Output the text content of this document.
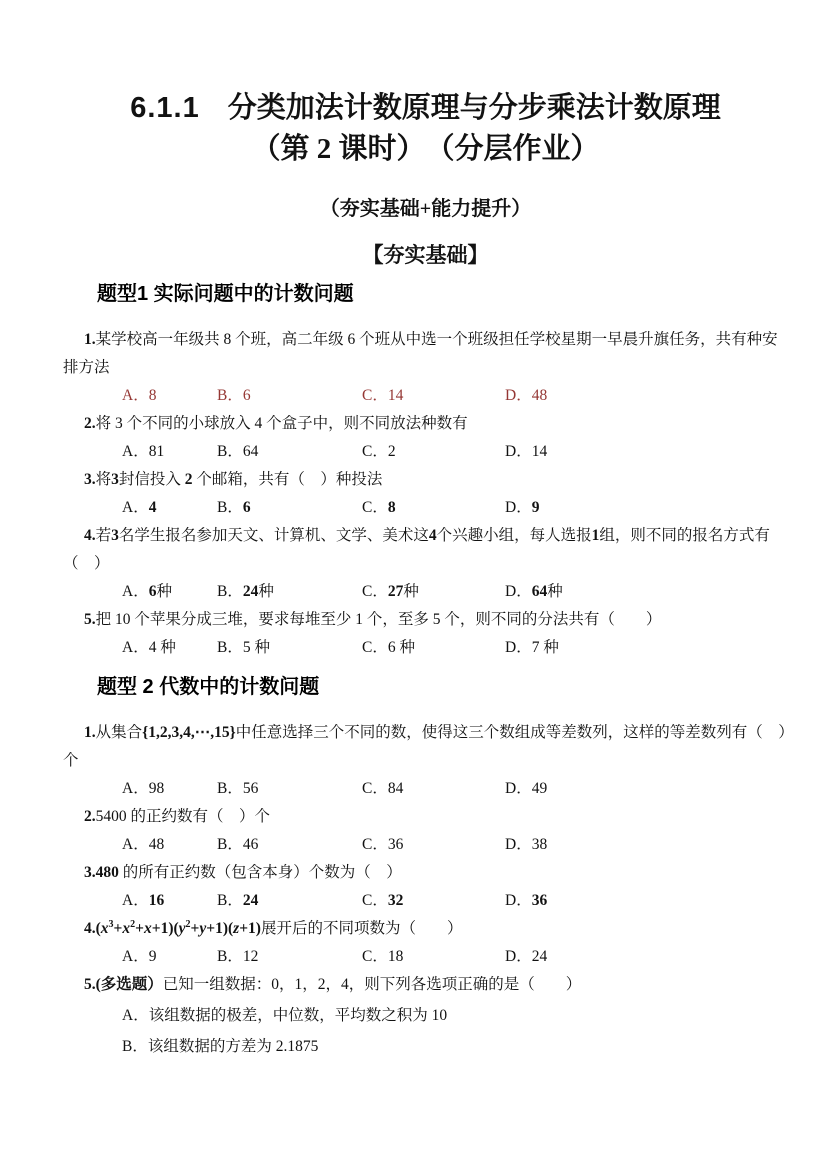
6.1.1 分类加法计数原理与分步乘法计数原理
（第 2 课时）　（分层作业）
（夯实基础+能力提升）
【夯实基础】
题型1 实际问题中的计数问题

1.某学校高一年级共 8 个班，高二年级 6 个班从中选一个班级担任学校星期一早晨升旗任务，共有种安排方法

A．8	B．6	C．14	D．48

2.将 3 个不同的小球放入 4 个盒子中，则不同放法种数有

A．81	B．64	C．2	D．14

3.将3封信投入 2 个邮箱，共有（　）种投法

A．4	B．6	C．8	D．9

4.若3名学生报名参加天文、计算机、文学、美术这4个兴趣小组，每人选报1组，则不同的报名方式有（　）

A．6种	B．24种	C．27种	D．64种

5.把 10 个苹果分成三堆，要求每堆至少 1 个，至多 5 个，则不同的分法共有（　　）

A．4 种	B．5 种	C．6 种	D．7 种
题型 2 代数中的计数问题

1.从集合{1,2,3,4,⋯,15}中任意选择三个不同的数，使得这三个数组成等差数列，这样的等差数列有（　）个

A．98	B．56	C．84	D．49

2.5400 的正约数有（　）个

A．48	B．46	C．36	D．38

3.480 的所有正约数（包含本身）个数为（　）

A．16	B．24	C．32	D．36

$4.(x^3+x^2+x+1)(y^2+y+1)(z+1)$展开后的不同项数为（　　）

A．9	B．12	C．18	D．24

5.(多选题）已知一组数据：0，1，2，4，则下列各选项正确的是（　　）

A．该组数据的极差，中位数，平均数之积为 10

B．该组数据的方差为 2.1875
